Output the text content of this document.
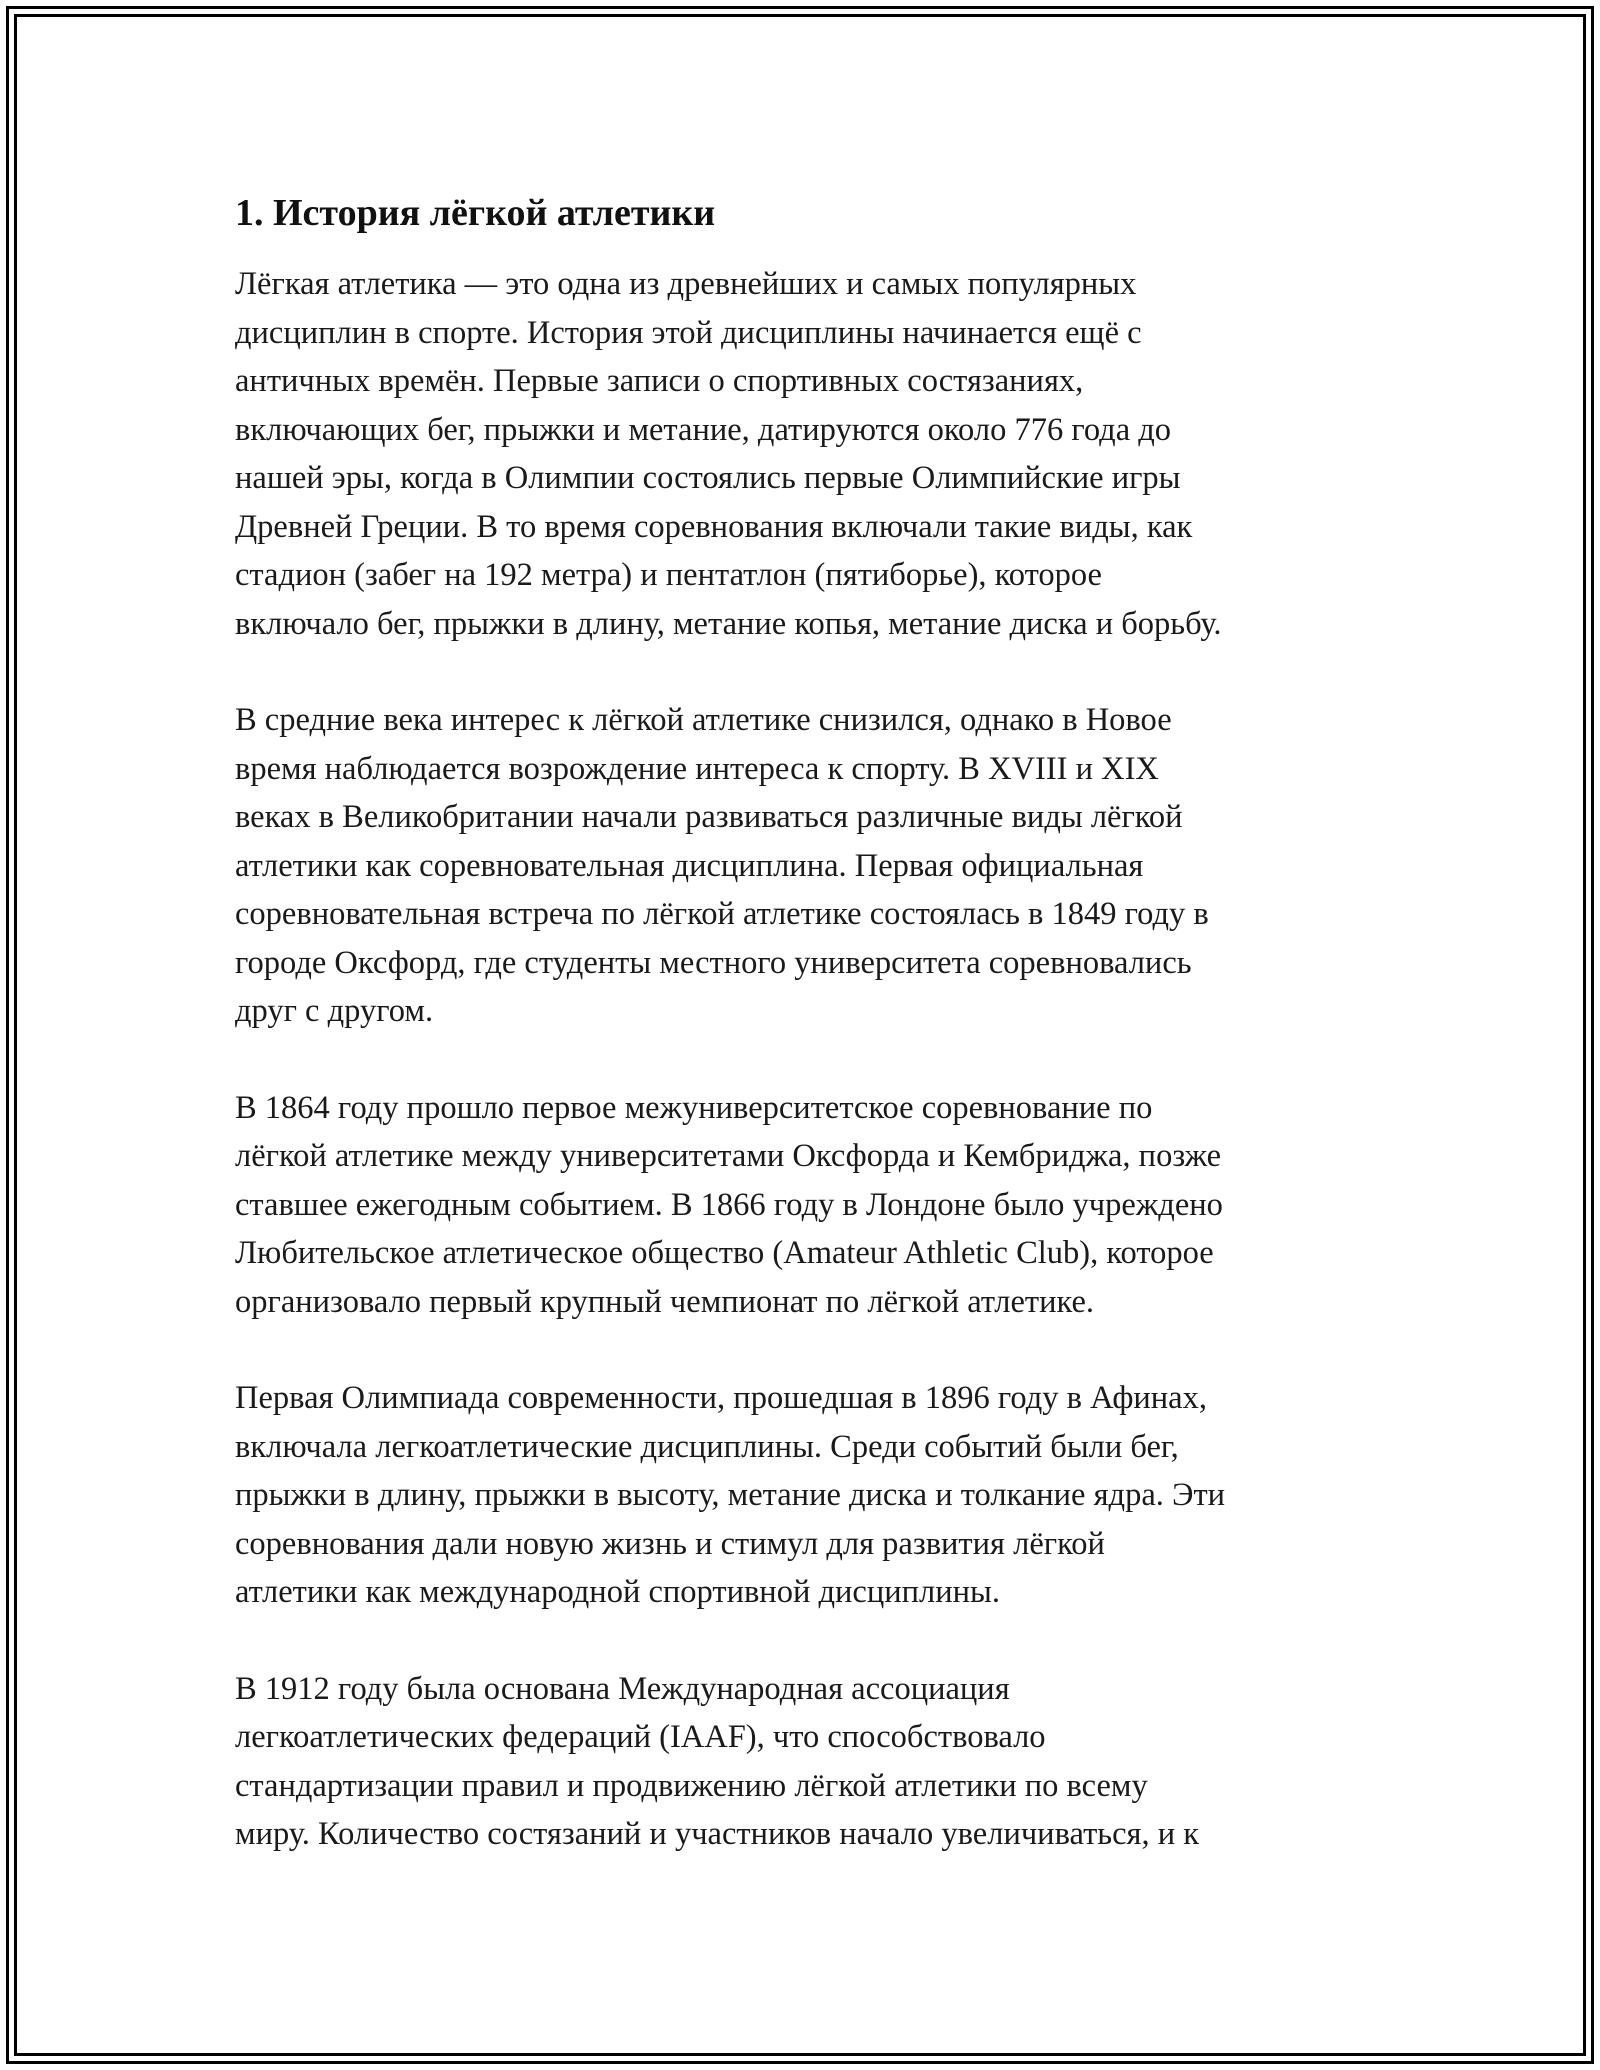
1. История лёгкой атлетики

Лёгкая атлетика — это одна из древнейших и самых популярных
дисциплин в спорте. История этой дисциплины начинается ещё с
античных времён. Первые записи о спортивных состязаниях,
включающих бег, прыжки и метание, датируются около 776 года до
нашей эры, когда в Олимпии состоялись первые Олимпийские игры
Древней Греции. В то время соревнования включали такие виды, как
стадион (забег на 192 метра) и пентатлон (пятиборье), которое
включало бег, прыжки в длину, метание копья, метание диска и борьбу.

В средние века интерес к лёгкой атлетике снизился, однако в Новое
время наблюдается возрождение интереса к спорту. В XVIII и XIX
веках в Великобритании начали развиваться различные виды лёгкой
атлетики как соревновательная дисциплина. Первая официальная
соревновательная встреча по лёгкой атлетике состоялась в 1849 году в
городе Оксфорд, где студенты местного университета соревновались
друг с другом.

В 1864 году прошло первое межуниверситетское соревнование по
лёгкой атлетике между университетами Оксфорда и Кембриджа, позже
ставшее ежегодным событием. В 1866 году в Лондоне было учреждено
Любительское атлетическое общество (Amateur Athletic Club), которое
организовало первый крупный чемпионат по лёгкой атлетике.

Первая Олимпиада современности, прошедшая в 1896 году в Афинах,
включала легкоатлетические дисциплины. Среди событий были бег,
прыжки в длину, прыжки в высоту, метание диска и толкание ядра. Эти
соревнования дали новую жизнь и стимул для развития лёгкой
атлетики как международной спортивной дисциплины.

В 1912 году была основана Международная ассоциация
легкоатлетических федераций (IAAF), что способствовало
стандартизации правил и продвижению лёгкой атлетики по всему
миру. Количество состязаний и участников начало увеличиваться, и к
